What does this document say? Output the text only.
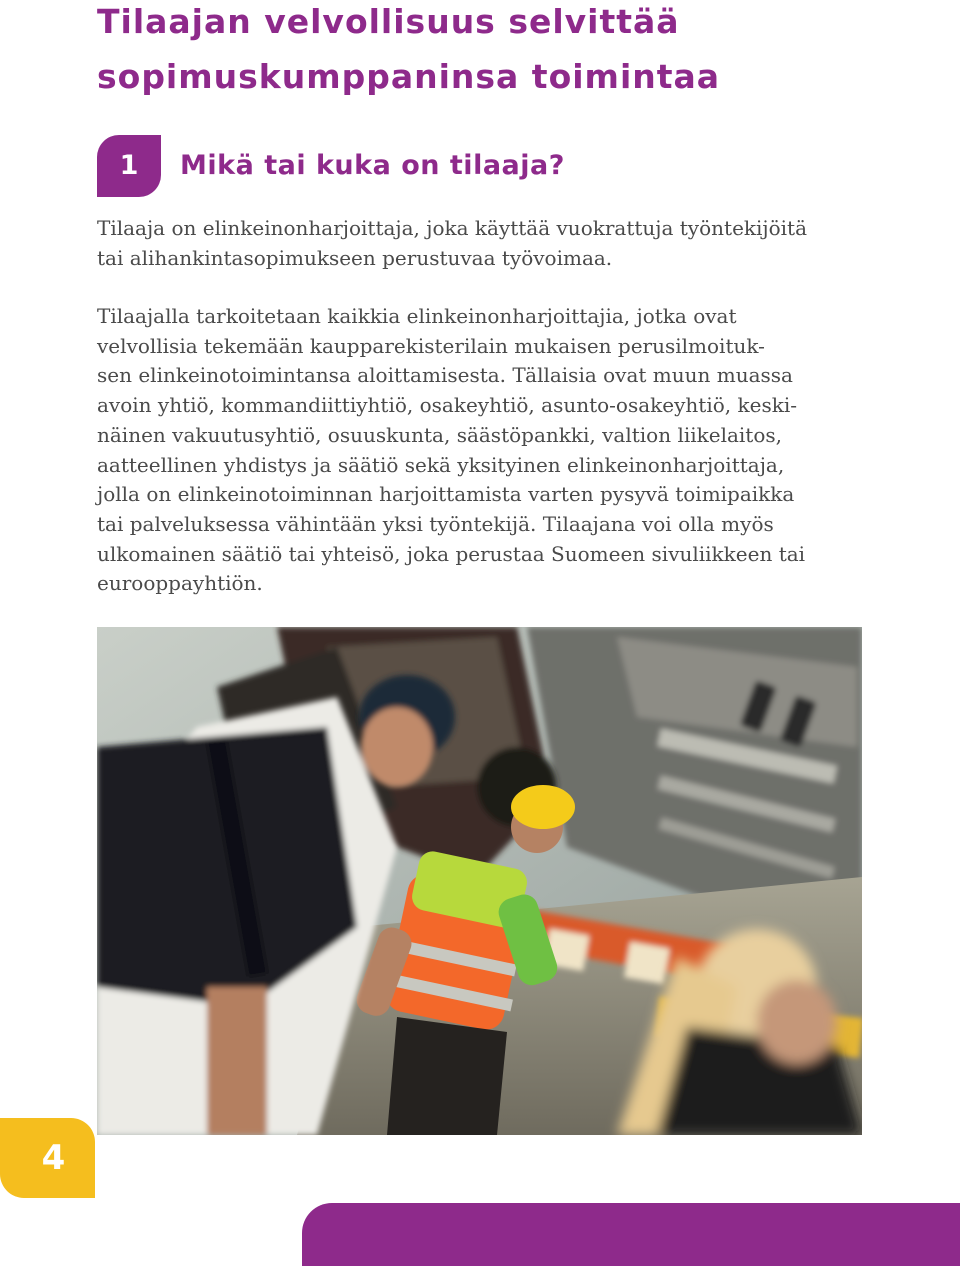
Tilaajan velvollisuus selvittää
sopimuskumppaninsa toimintaa
1	Mikä tai kuka on tilaaja?

Tilaaja on elinkeinonharjoittaja, joka käyttää vuokrattuja työntekijöitä
tai alihankintasopimukseen perustuvaa työvoimaa.

Tilaajalla tarkoitetaan kaikkia elinkeinonharjoittajia, jotka ovat
velvollisia tekemään kaupparekisterilain mukaisen perusilmoituk-
sen elinkeinotoimintansa aloittamisesta. Tällaisia ovat muun muassa
avoin yhtiö, kommandiittiyhtiö, osakeyhtiö, asunto-osakeyhtiö, keski-
näinen vakuutusyhtiö, osuuskunta, säästöpankki, valtion liikelaitos,
aatteellinen yhdistys ja säätiö sekä yksityinen elinkeinonharjoittaja,
jolla on elinkeinotoiminnan harjoittamista varten pysyvä toimipaikka
tai palveluksessa vähintään yksi työntekijä. Tilaajana voi olla myös
ulkomainen säätiö tai yhteisö, joka perustaa Suomeen sivuliikkeen tai
eurooppayhtiön.

4
